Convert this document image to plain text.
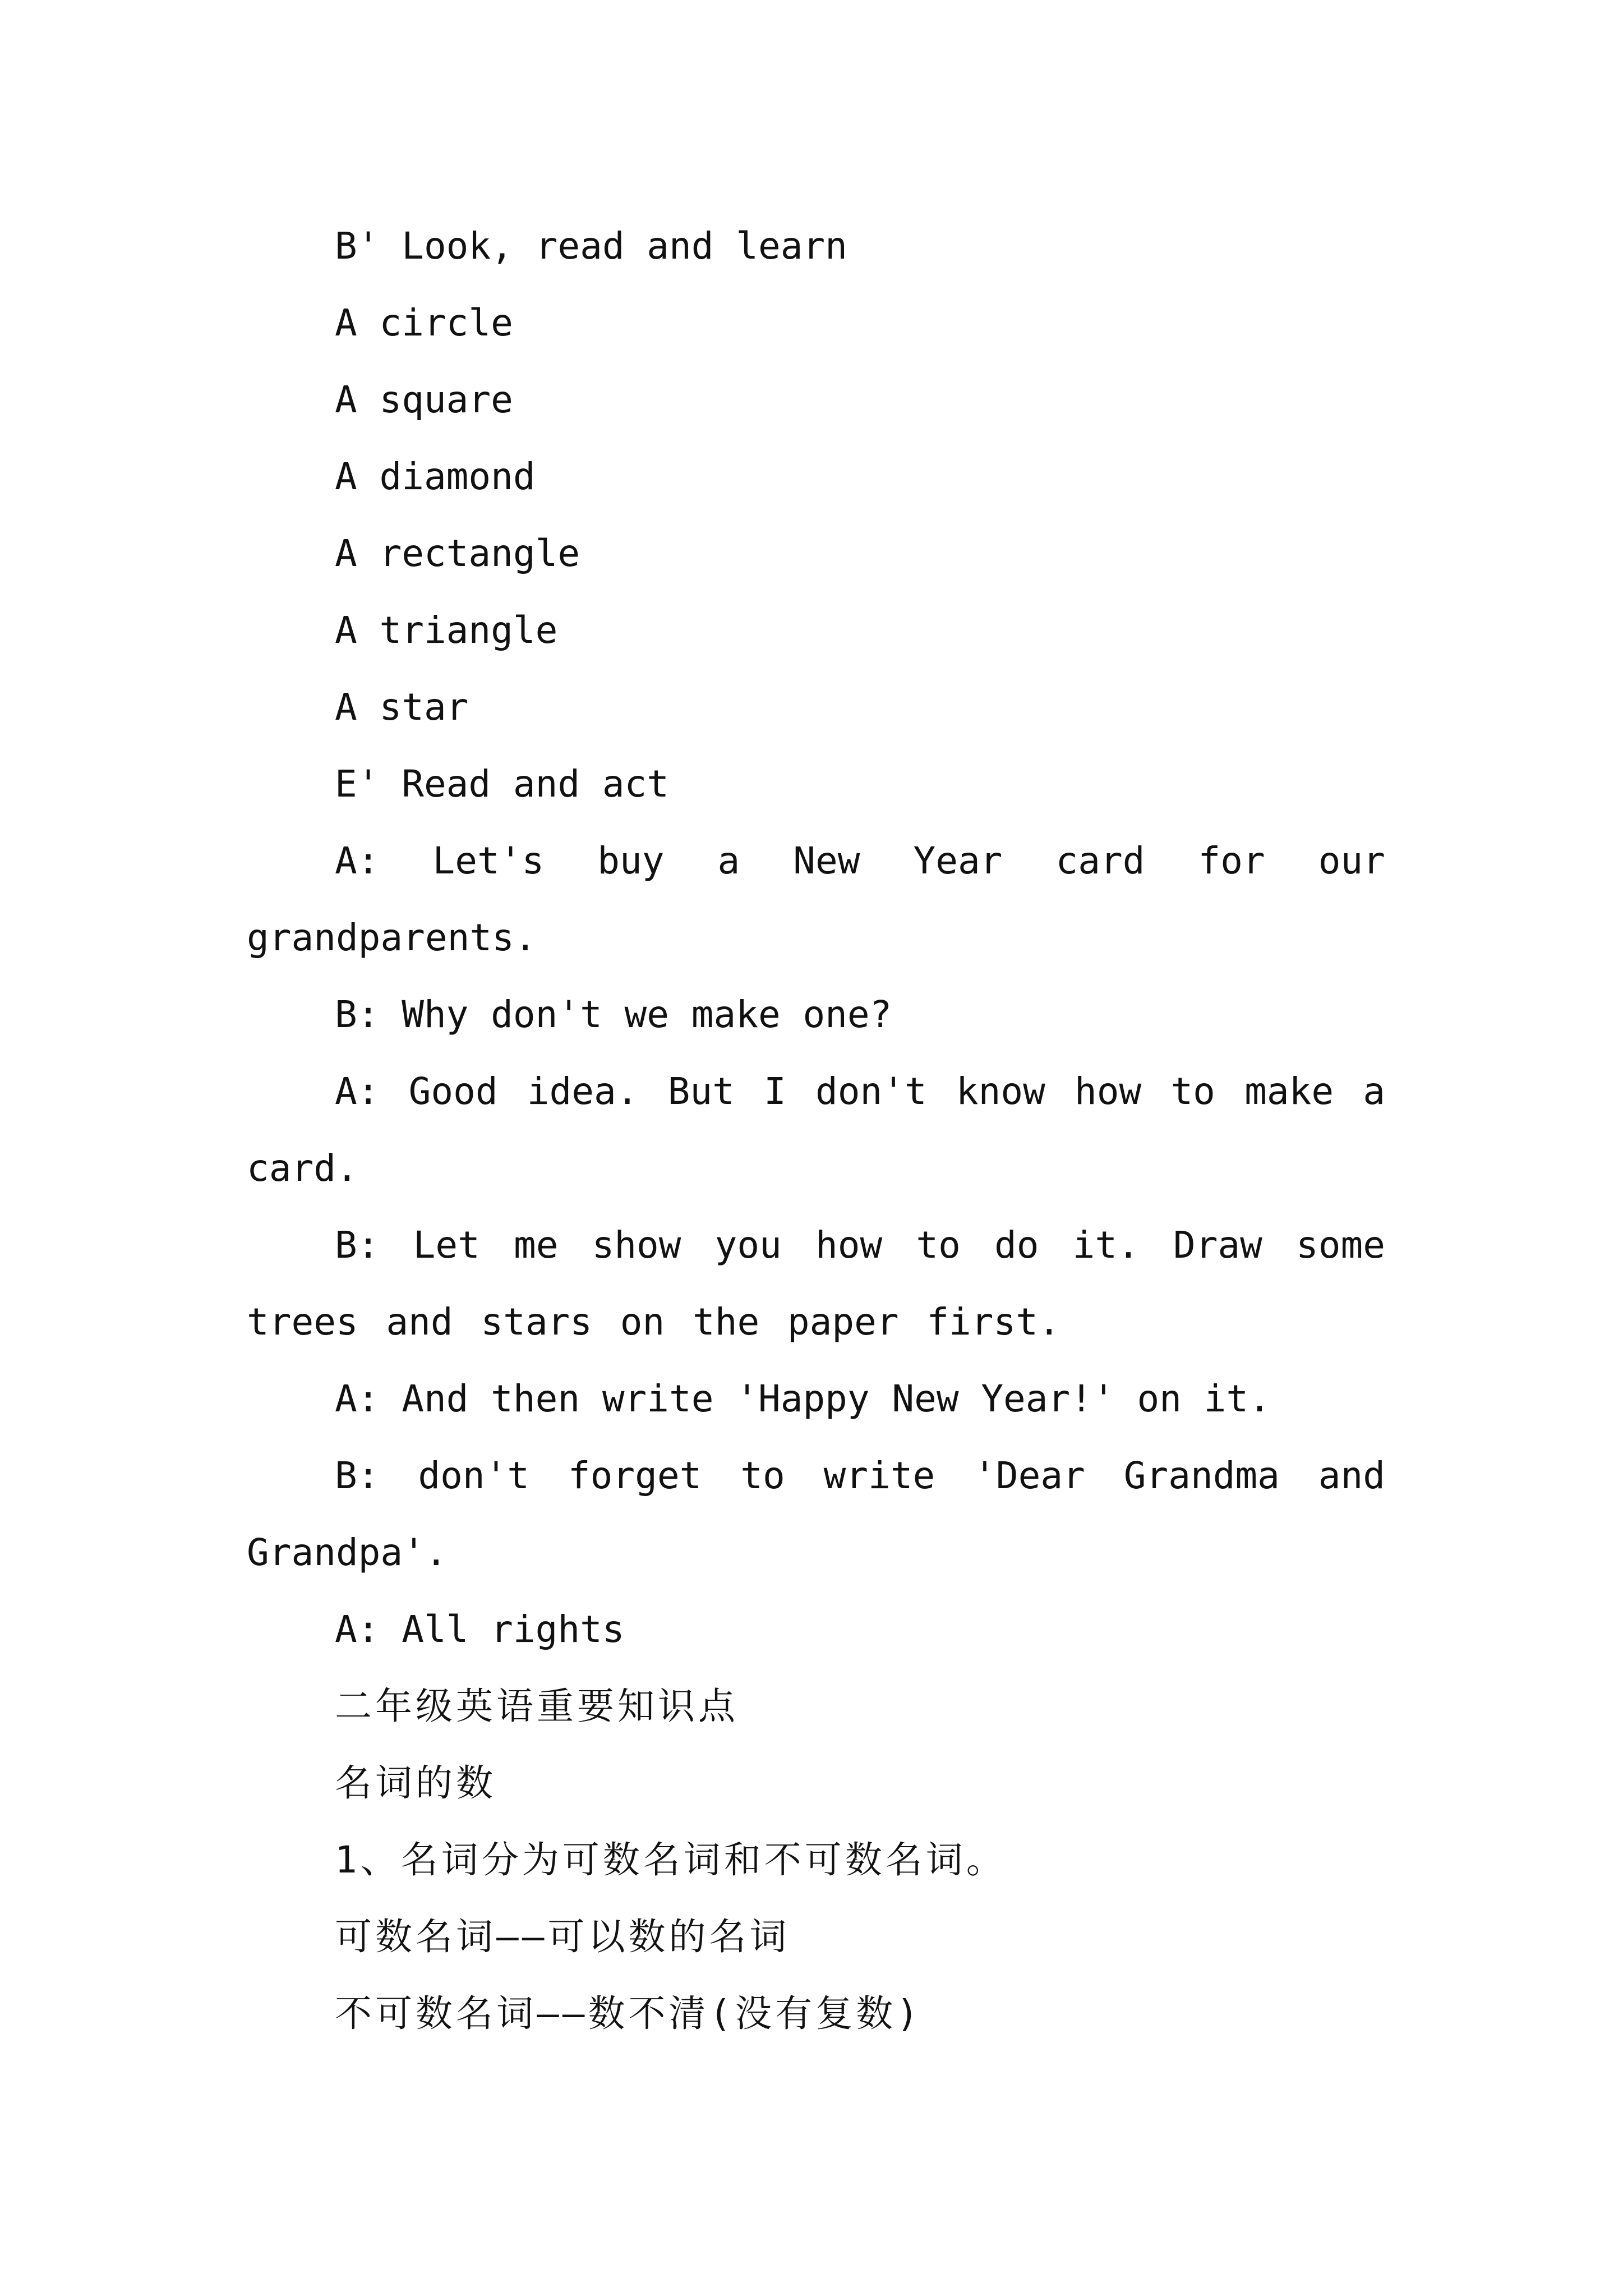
B' Look, read and learn

A circle

A square

A diamond

A rectangle

A triangle

A star

E' Read and act

A: Let's buy a New Year card for our grandparents.

B: Why don't we make one?

A: Good idea. But I don't know how to make a card.

B: Let me show you how to do it. Draw some trees and stars on the paper first.

A: And then write 'Happy New Year!' on it.

B: don't forget to write 'Dear Grandma and Grandpa'.

A: All rights

二年级英语重要知识点

名词的数

1、名词分为可数名词和不可数名词。

可数名词——可以数的名词

不可数名词——数不清(没有复数)
